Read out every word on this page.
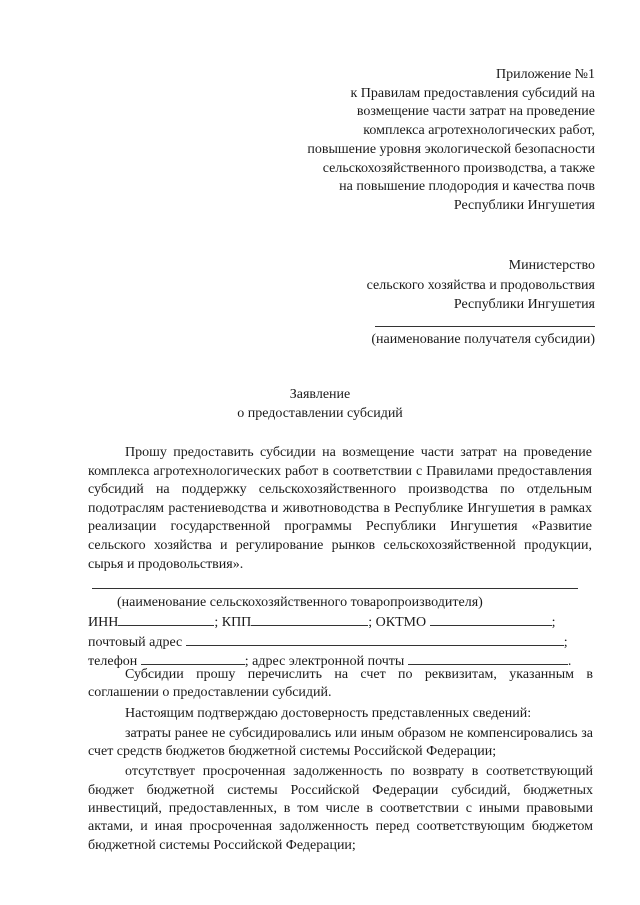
Приложение №1
к Правилам предоставления субсидий на
возмещение части затрат на проведение
комплекса агротехнологических работ,
повышение уровня экологической безопасности
сельскохозяйственного производства, а также
на повышение плодородия и качества почв
Республики Ингушетия
Министерство
сельского хозяйства и продовольствия
Республики Ингушетия
(наименование получателя субсидии)
Заявление
о предоставлении субсидий

Прошу предоставить субсидии на возмещение части затрат на проведение комплекса агротехнологических работ в соответствии с Правилами предоставления субсидий на поддержку сельскохозяйственного производства по отдельным подотраслям растениеводства и животноводства в Республике Ингушетия в рамках реализации государственной программы Республики Ингушетия «Развитие сельского хозяйства и регулирование рынков сельскохозяйственной продукции, сырья и продовольствия».

(наименование сельскохозяйственного товаропроизводителя)
ИНН	; КПП	; ОКТМО	;
почтовый адрес	;
телефон	; адрес электронной почты	.

Субсидии прошу перечислить на счет по реквизитам, указанным в соглашении о предоставлении субсидий.

Настоящим подтверждаю достоверность представленных сведений:

затраты ранее не субсидировались или иным образом не компенсировались за счет средств бюджетов бюджетной системы Российской Федерации;

отсутствует просроченная задолженность по возврату в соответствующий бюджет бюджетной системы Российской Федерации субсидий, бюджетных инвестиций, предоставленных, в том числе в соответствии с иными правовыми актами, и иная просроченная задолженность перед соответствующим бюджетом бюджетной системы Российской Федерации;
